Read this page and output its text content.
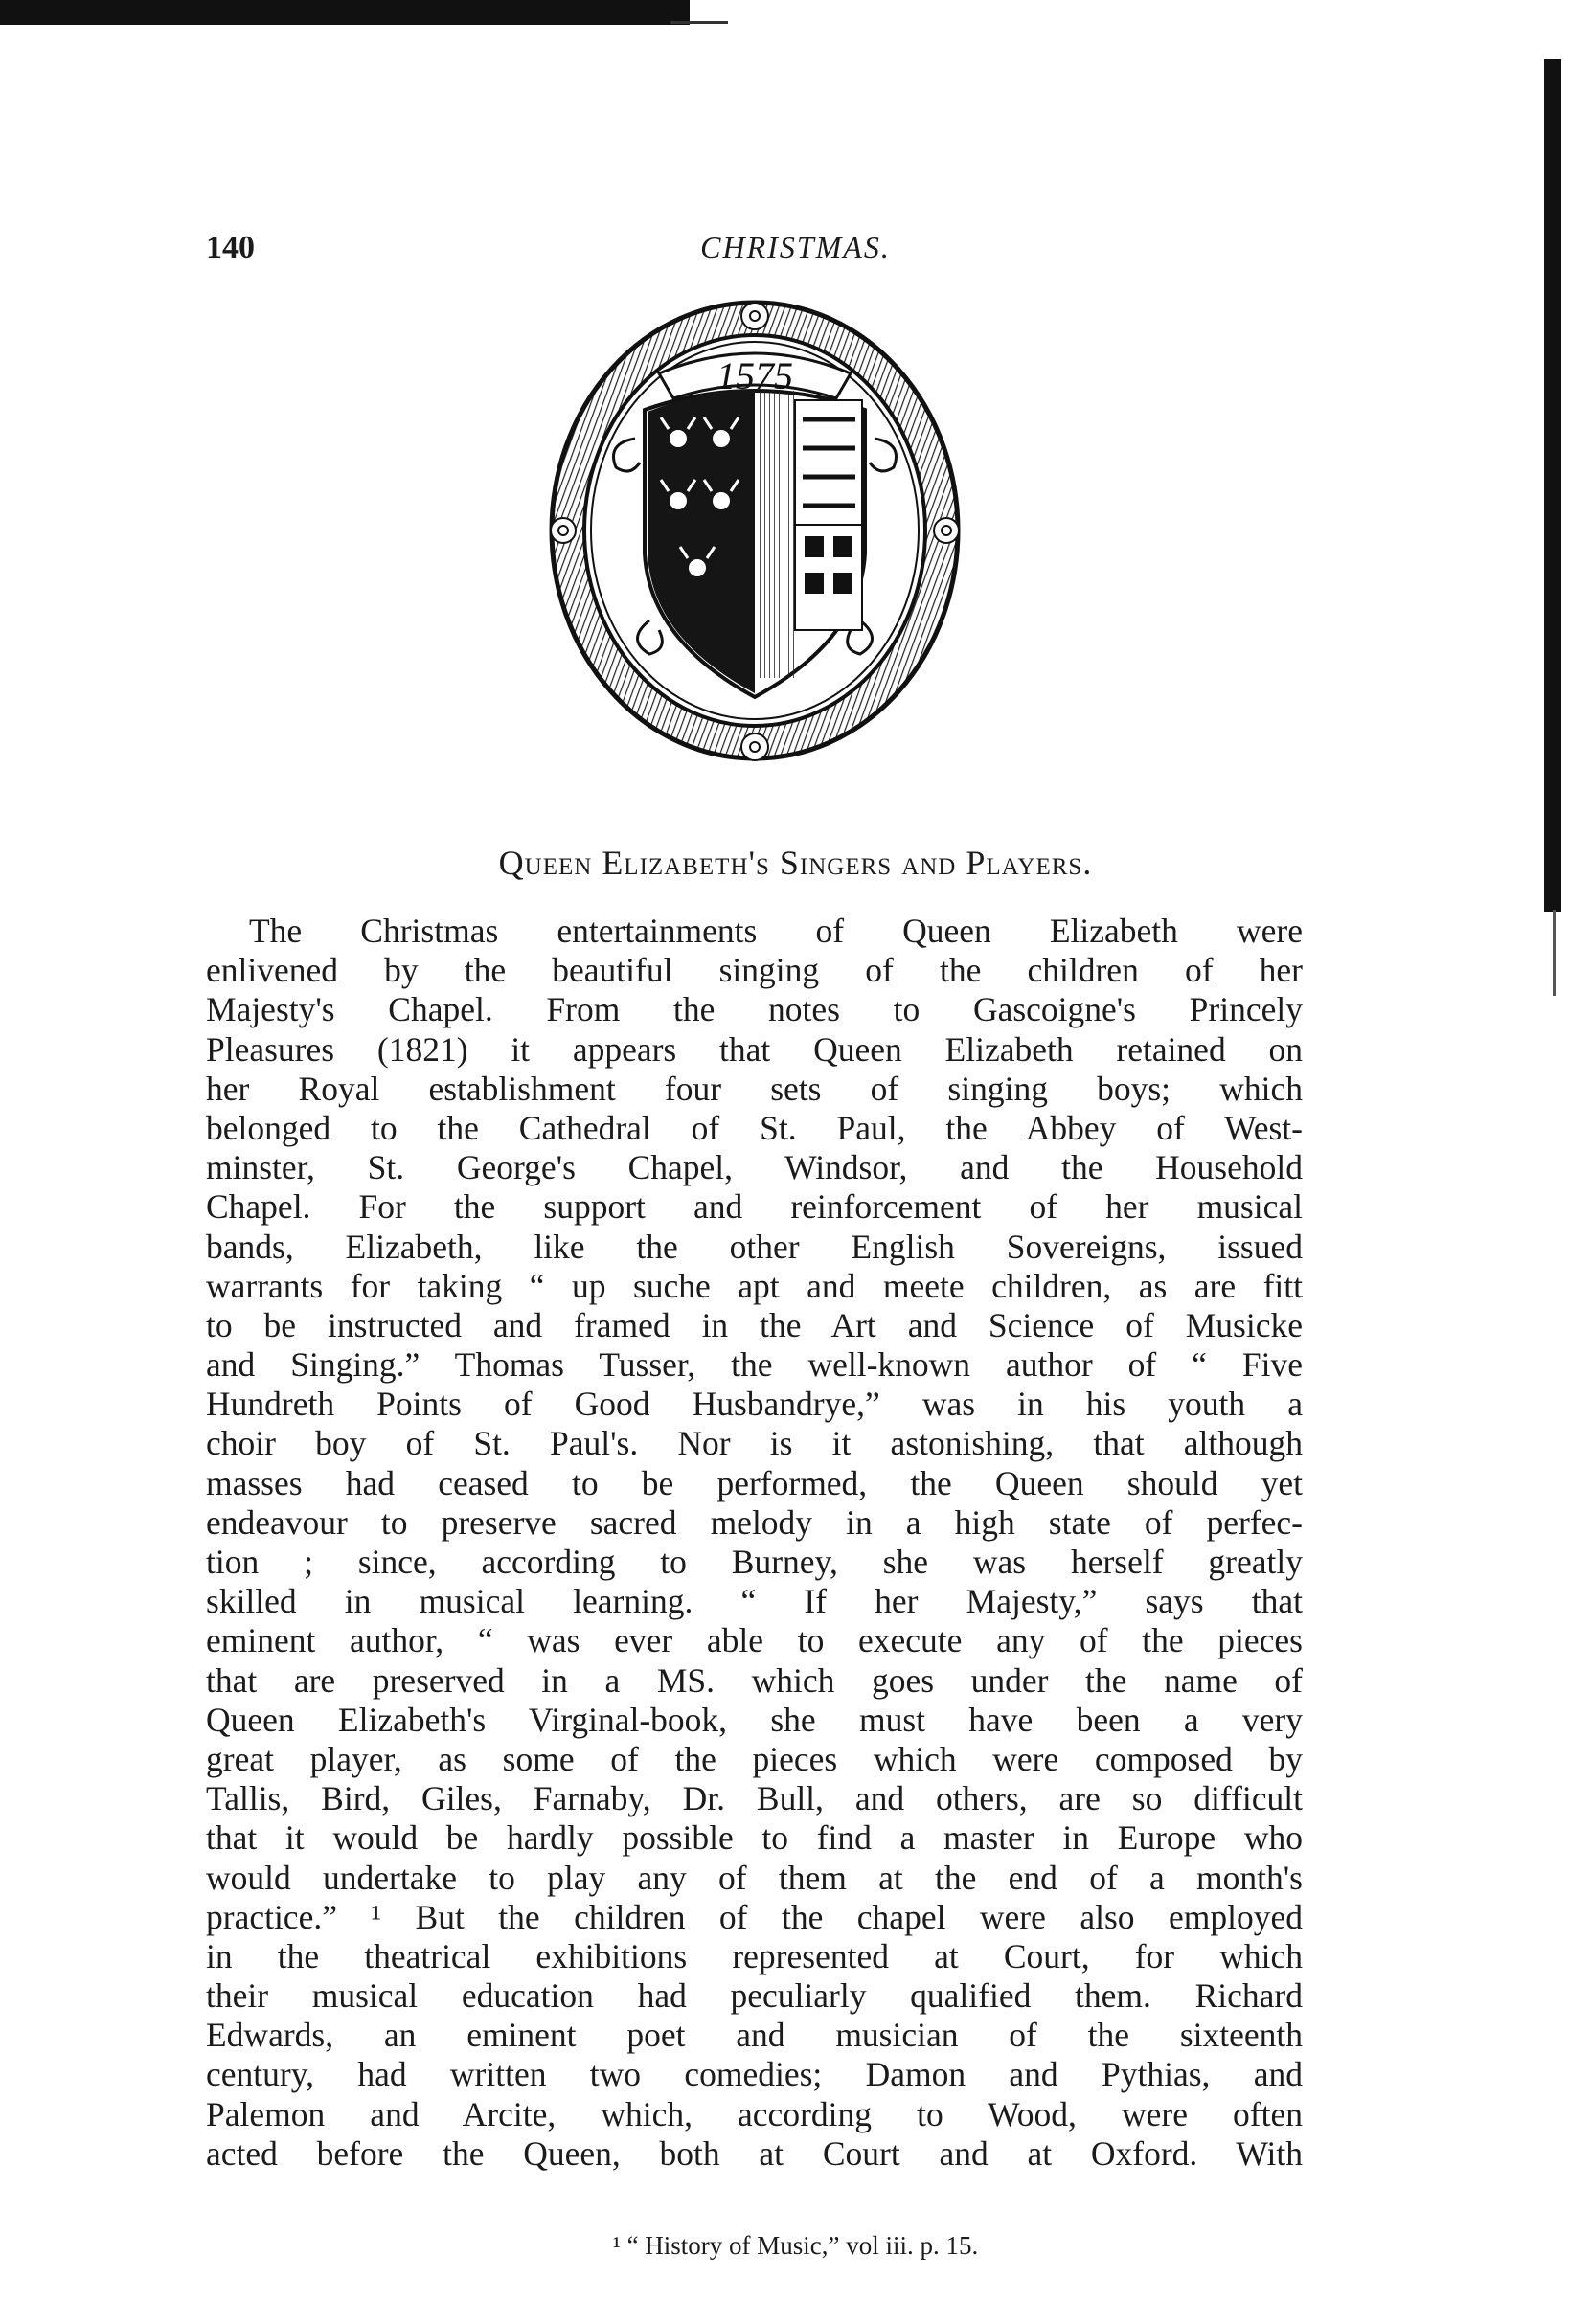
140	CHRISTMAS.
1575
Queen Elizabeth's Singers and Players.
The Christmas entertainments of Queen Elizabeth were
enlivened by the beautiful singing of the children of her
Majesty's Chapel. From the notes to Gascoigne's Princely
Pleasures (1821) it appears that Queen Elizabeth retained on
her Royal establishment four sets of singing boys; which
belonged to the Cathedral of St. Paul, the Abbey of West-
minster, St. George's Chapel, Windsor, and the Household
Chapel. For the support and reinforcement of her musical
bands, Elizabeth, like the other English Sovereigns, issued
warrants for taking “ up suche apt and meete children, as are fitt
to be instructed and framed in the Art and Science of Musicke
and Singing.” Thomas Tusser, the well-known author of “ Five
Hundreth Points of Good Husbandrye,” was in his youth a
choir boy of St. Paul's. Nor is it astonishing, that although
masses had ceased to be performed, the Queen should yet
endeavour to preserve sacred melody in a high state of perfec-
tion ; since, according to Burney, she was herself greatly
skilled in musical learning. “ If her Majesty,” says that
eminent author, “ was ever able to execute any of the pieces
that are preserved in a MS. which goes under the name of
Queen Elizabeth's Virginal-book, she must have been a very
great player, as some of the pieces which were composed by
Tallis, Bird, Giles, Farnaby, Dr. Bull, and others, are so difficult
that it would be hardly possible to find a master in Europe who
would undertake to play any of them at the end of a month's
practice.” ¹ But the children of the chapel were also employed
in the theatrical exhibitions represented at Court, for which
their musical education had peculiarly qualified them. Richard
Edwards, an eminent poet and musician of the sixteenth
century, had written two comedies; Damon and Pythias, and
Palemon and Arcite, which, according to Wood, were often
acted before the Queen, both at Court and at Oxford. With
¹ “ History of Music,” vol iii. p. 15.
